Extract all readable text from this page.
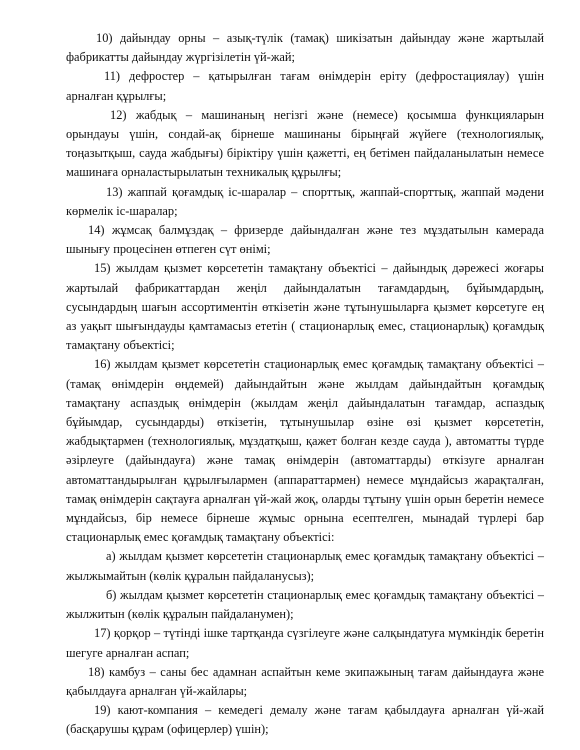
10) дайындау орны – азық-түлік (тамақ) шикізатын дайындау және жартылай фабрикатты дайындау жүргізілетін үй-жай;

11) дефростер – қатырылған тағам өнімдерін еріту (дефростациялау) үшін арналған құрылғы;

12) жабдық – машинаның негізгі және (немесе) қосымша функцияларын орындауы үшін, сондай-ақ бірнеше машинаны бірыңғай жүйеге (технологиялық, тоңазытқыш, сауда жабдығы) біріктіру үшін қажетті, ең бетімен пайдаланылатын немесе машинаға орналастырылатын техникалық құрылғы;

13) жаппай қоғамдық іс-шаралар – спорттық, жаппай-спорттық, жаппай мәдени көрмелік іс-шаралар;

14) жұмсақ балмұздақ – фризерде дайындалған және тез мұздатылын камерада шынығу процесінен өтпеген сүт өнімі;

15) жылдам қызмет көрсететін тамақтану объектісі – дайындық дәрежесі жоғары жартылай фабрикаттардан жеңіл дайындалатын тағамдардың, бұйымдардың, сусындардың шағын ассортиментін өткізетін және тұтынушыларға қызмет көрсетуге ең аз уақыт шығындауды қамтамасыз ететін ( стационарлық емес, стационарлық) қоғамдық тамақтану объектісі;

16) жылдам қызмет көрсететін стационарлық емес қоғамдық тамақтану объектісі – (тамақ өнімдерін өңдемей) дайындайтын және жылдам дайындайтын қоғамдық тамақтану аспаздық өнімдерін (жылдам жеңіл дайындалатын тағамдар, аспаздық бұйымдар, сусындарды) өткізетін, тұтынушылар өзіне өзі қызмет көрсететін, жабдықтармен (технологиялық, мұздатқыш, қажет болған кезде сауда ), автоматты түрде әзірлеуге (дайындауға) және тамақ өнімдерін (автоматтарды) өткізуге арналған автоматтандырылған құрылғылармен (аппараттармен) немесе мұндайсыз жарақталған, тамақ өнімдерін сақтауға арналған үй-жай жоқ, оларды тұтыну үшін орын беретін немесе мұндайсыз, бір немесе бірнеше жұмыс орнына есептелген, мынадай түрлері бар стационарлық емес қоғамдық тамақтану объектісі:

а) жылдам қызмет көрсететін стационарлық емес қоғамдық тамақтану объектісі – жылжымайтын (көлік құралын пайдаланусыз);

б) жылдам қызмет көрсететін стационарлық емес қоғамдық тамақтану объектісі – жылжитын (көлік құралын пайдаланумен);

17) қорқор – түтінді ішке тартқанда сүзгілеуге және салқындатуға мүмкіндік беретін шегуге арналған аспап;

18) камбуз – саны бес адамнан аспайтын кеме экипажының тағам дайындауға және қабылдауға арналған үй-жайлары;

19) кают-компания – кемедегі демалу және тағам қабылдауға арналған үй-жай (басқарушы құрам (офицерлер) үшін);
